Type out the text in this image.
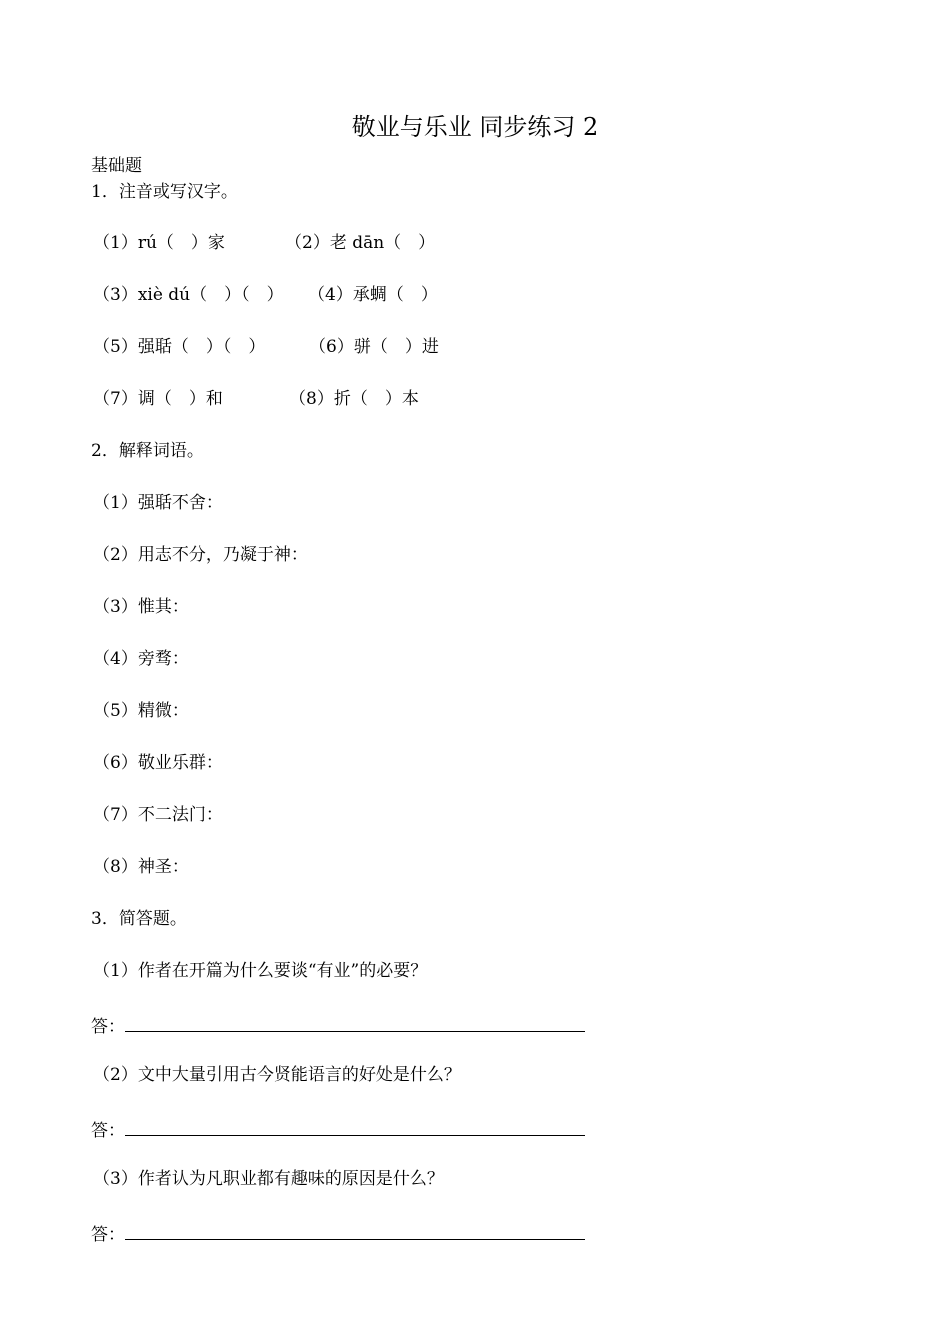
敬业与乐业 同步练习 2
基础题
1．注音或写汉字。
（1）rú（　）家	（2）老 dān（　）
（3）xiè dú（　）（　） （4）承蜩（　）
（5）强聒（　）（　）	（6）骈（　）进
（7）调（　）和	（8）折（　）本
2．解释词语。
（1）强聒不舍：
（2）用志不分，乃凝于神：
（3）惟其：
（4）旁骛：
（5）精微：
（6）敬业乐群：
（7）不二法门：
（8）神圣：
3．简答题。
（1）作者在开篇为什么要谈“有业”的必要？
答：
（2）文中大量引用古今贤能语言的好处是什么？
答：
（3）作者认为凡职业都有趣味的原因是什么？
答：
